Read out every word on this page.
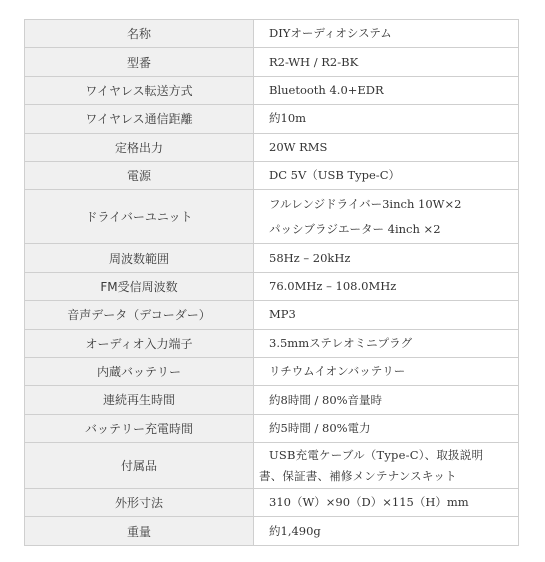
名称	DIYオーディオシステム
型番	R2-WH / R2-BK
ワイヤレス転送方式	Bluetooth 4.0+EDR
ワイヤレス通信距離	約10m
定格出力	20W RMS
電源	DC 5V（USB Type-C）
ドライバーユニット	フルレンジドライバー3inch 10W×2
パッシブラジエーター 4inch ×2

周波数範囲	58Hz – 20kHz
FM受信周波数	76.0MHz – 108.0MHz
音声データ（デコーダー）	MP3
オーディオ入力端子	3.5mmステレオミニプラグ
内蔵バッテリー	リチウムイオンバッテリー
連続再生時間	約8時間 / 80%音量時
バッテリー充電時間	約5時間 / 80%電力
付属品	USB充電ケーブル（Type-C）、取扱説明
書、保証書、補修メンテナンスキット

外形寸法	310（W）×90（D）×115（H）mm
重量	約1,490g
